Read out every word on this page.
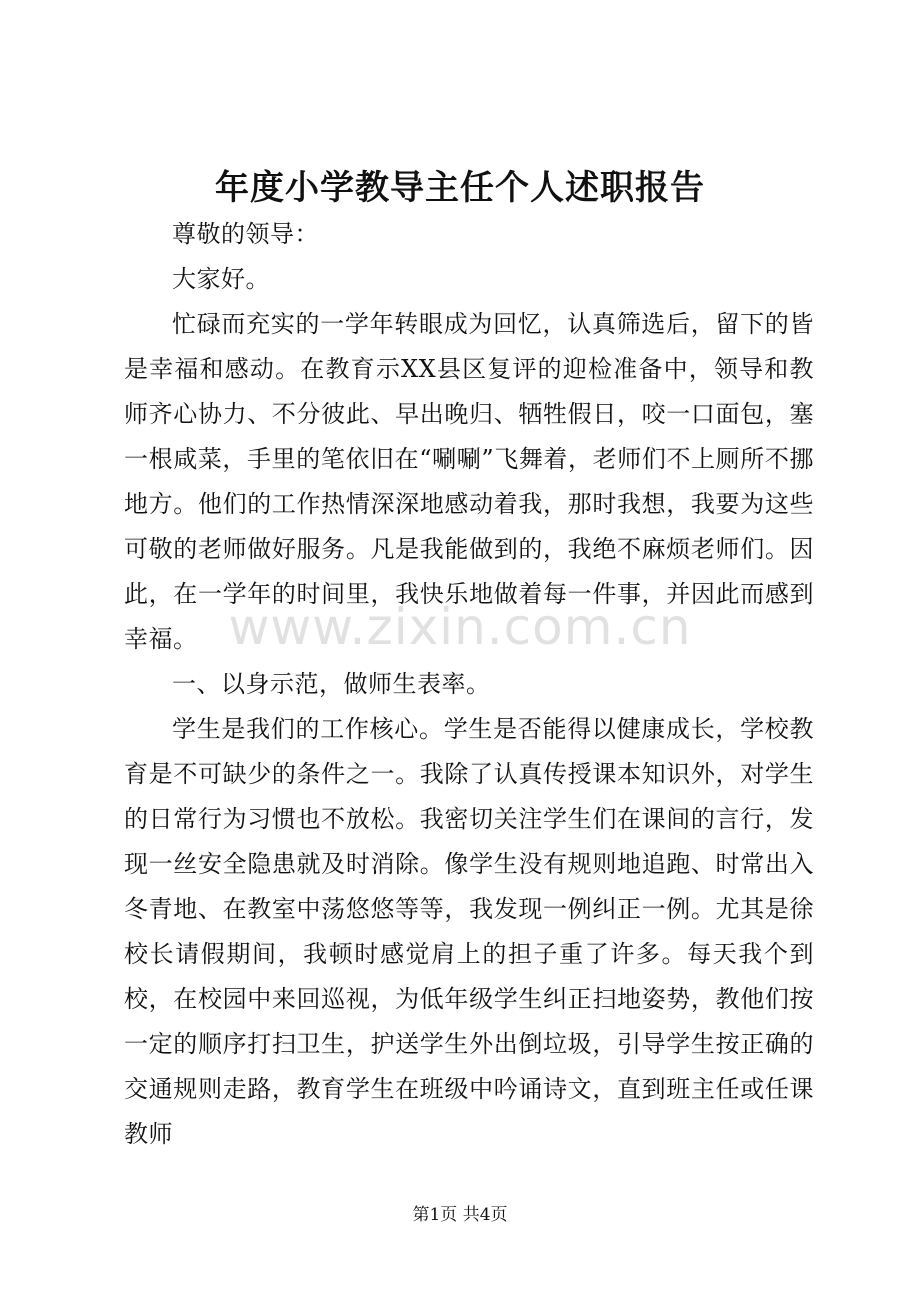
年度小学教导主任个人述职报告

尊敬的领导：

大家好。

忙碌而充实的一学年转眼成为回忆，认真筛选后，留下的皆是幸福和感动。在教育示XX县区复评的迎检准备中，领导和教师齐心协力、不分彼此、早出晚归、牺牲假日，咬一口面包，塞一根咸菜，手里的笔依旧在“唰唰”飞舞着，老师们不上厕所不挪地方。他们的工作热情深深地感动着我，那时我想，我要为这些可敬的老师做好服务。凡是我能做到的，我绝不麻烦老师们。因此，在一学年的时间里，我快乐地做着每一件事，并因此而感到幸福。

一、以身示范，做师生表率。

学生是我们的工作核心。学生是否能得以健康成长，学校教育是不可缺少的条件之一。我除了认真传授课本知识外，对学生的日常行为习惯也不放松。我密切关注学生们在课间的言行，发现一丝安全隐患就及时消除。像学生没有规则地追跑、时常出入冬青地、在教室中荡悠悠等等，我发现一例纠正一例。尤其是徐校长请假期间，我顿时感觉肩上的担子重了许多。每天我个到校，在校园中来回巡视，为低年级学生纠正扫地姿势，教他们按一定的顺序打扫卫生，护送学生外出倒垃圾，引导学生按正确的交通规则走路，教育学生在班级中吟诵诗文，直到班主任或任课教师

www.zixin.com.cn
第1页 共4页
